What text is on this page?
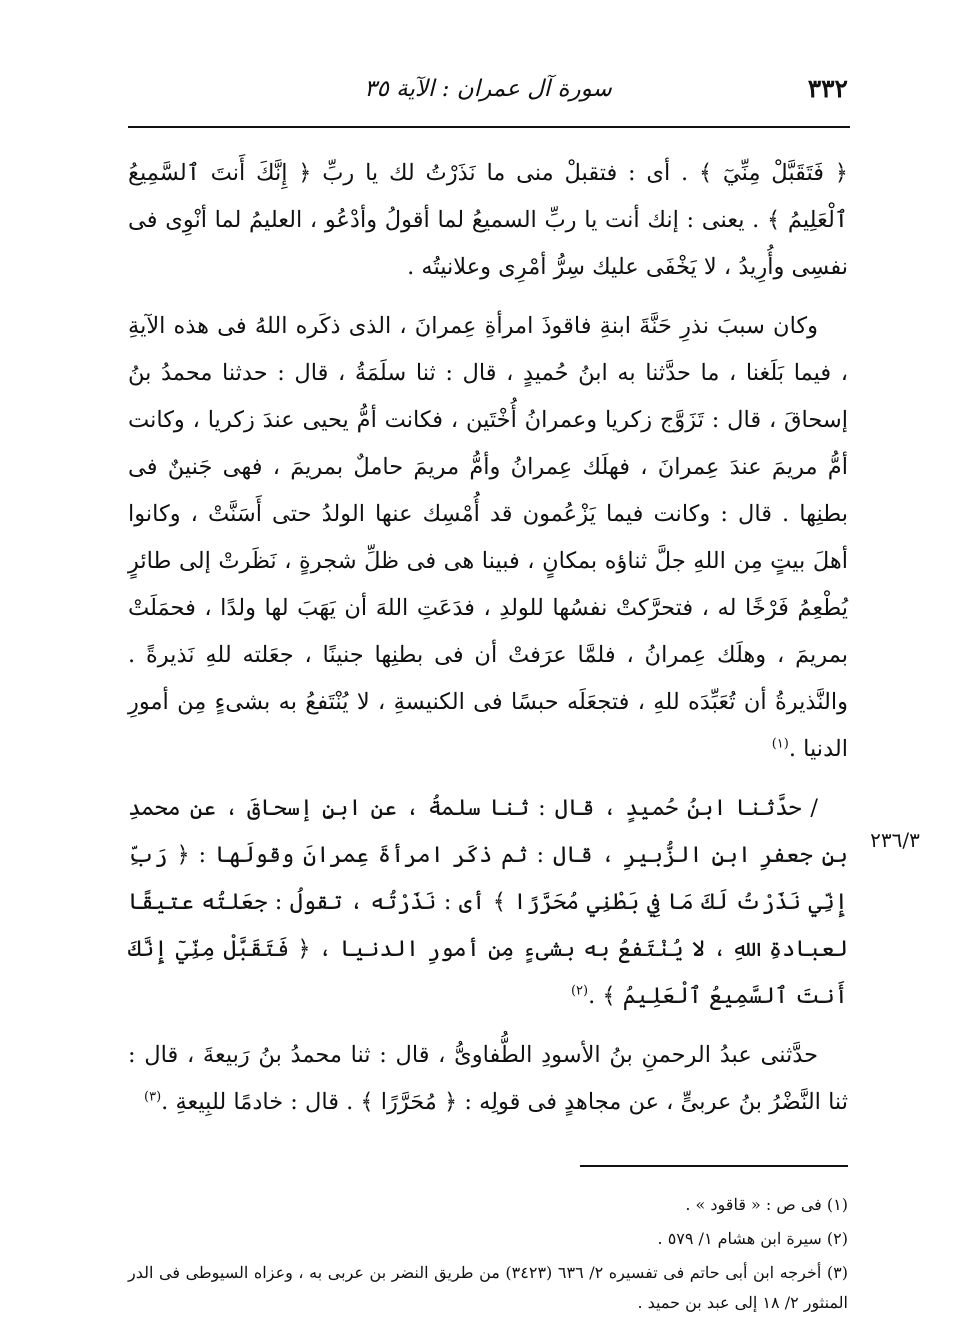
٣٣٢
سورة آل عمران : الآية ٣٥

﴿ فَتَقَبَّلْ مِنِّيٓ ﴾ . أى : فتقبلْ منى ما نَذَرْتُ لك يا ربِّ ﴿ إِنَّكَ أَنتَ ٱلسَّمِيعُ ٱلْعَلِيمُ ﴾ . يعنى : إنك أنت يا ربِّ السميعُ لما أقولُ وأدْعُو ، العليمُ لما أنْوِى فى نفسِى وأُرِيدُ ، لا يَخْفَى عليك سِرُّ أمْرِى وعلانيتُه .

وكان سببَ نذرِ حَنَّةَ ابنةِ فاقوذَ امرأةِ عِمرانَ ، الذى ذكَره اللهُ فى هذه الآيةِ ، فيما بَلَغنا ، ما حدَّثنا به ابنُ حُميدٍ ، قال : ثنا سلَمَةُ ، قال : حدثنا محمدُ بنُ إسحاقَ ، قال : تَزَوَّج زكريا وعمرانُ أُخْتَين ، فكانت أمُّ يحيى عندَ زكريا ، وكانت أمُّ مريمَ عندَ عِمرانَ ، فهلَك عِمرانُ وأمُّ مريمَ حاملٌ بمريمَ ، فهى جَنينٌ فى بطنِها . قال : وكانت فيما يَزْعُمون قد أُمْسِك عنها الولدُ حتى أَسَنَّتْ ، وكانوا أهلَ بيتٍ مِن اللهِ جلَّ ثناؤه بمكانٍ ، فبينا هى فى ظلِّ شجرةٍ ، نَظَرتْ إلى طائرٍ يُطْعِمُ فَرْخًا له ، فتحرَّكتْ نفسُها للولدِ ، فدَعَتِ اللهَ أن يَهَبَ لها ولدًا ، فحمَلَتْ بمريمَ ، وهلَك عِمرانُ ، فلمَّا عرَفتْ أن فى بطنِها جنينًا ، جعَلته للهِ نَذيرةً . والنَّذيرةُ أن تُعَبِّدَه للهِ ، فتجعَلَه حبسًا فى الكنيسةِ ، لا يُنْتَفعُ به بشىءٍ مِن أمورِ الدنيا .$^{(١)}$

/ حدَّثنا ابنُ حُميدٍ ، قال : ثنا سلمةُ ، عن ابنِ إسحاقَ ، عن محمدِ بنِ جعفرِ ابنِ الزُّبيرِ ، قال : ثم ذكَر امرأةَ عِمرانَ وقولَها : ﴿ رَبِّ إِنِّي نَذَرْتُ لَكَ مَا فِي بَطْنِي مُحَرَّرًا ﴾ أى : نَذَرْتُه ، تقولُ : جعَلتُه عتيقًا لعبادةِ اللهِ ، لا يُنْتَفعُ به بشىءٍ مِن أمورِ الدنيا ، ﴿ فَتَقَبَّلْ مِنِّيٓ إِنَّكَ أَنتَ ٱلسَّمِيعُ ٱلْعَلِيمُ ﴾ .$^{(٢)}$

حدَّثنى عبدُ الرحمنِ بنُ الأسودِ الطُّفاوىُّ ، قال : ثنا محمدُ بنُ رَبيعةَ ، قال : ثنا النَّضْرُ بنُ عربىٍّ ، عن مجاهدٍ فى قولِه : ﴿ مُحَرَّرًا ﴾ . قال : خادمًا للبِيعةِ .$^{(٣)}$

٢٣٦/٣

(١) فى ص : « قاقود » .

(٢) سيرة ابن هشام ١/ ٥٧٩ .

(٣) أخرجه ابن أبى حاتم فى تفسيره ٢/ ٦٣٦ (٣٤٢٣) من طريق النضر بن عربى به ، وعزاه السيوطى فى الدر المنثور ٢/ ١٨ إلى عبد بن حميد .
